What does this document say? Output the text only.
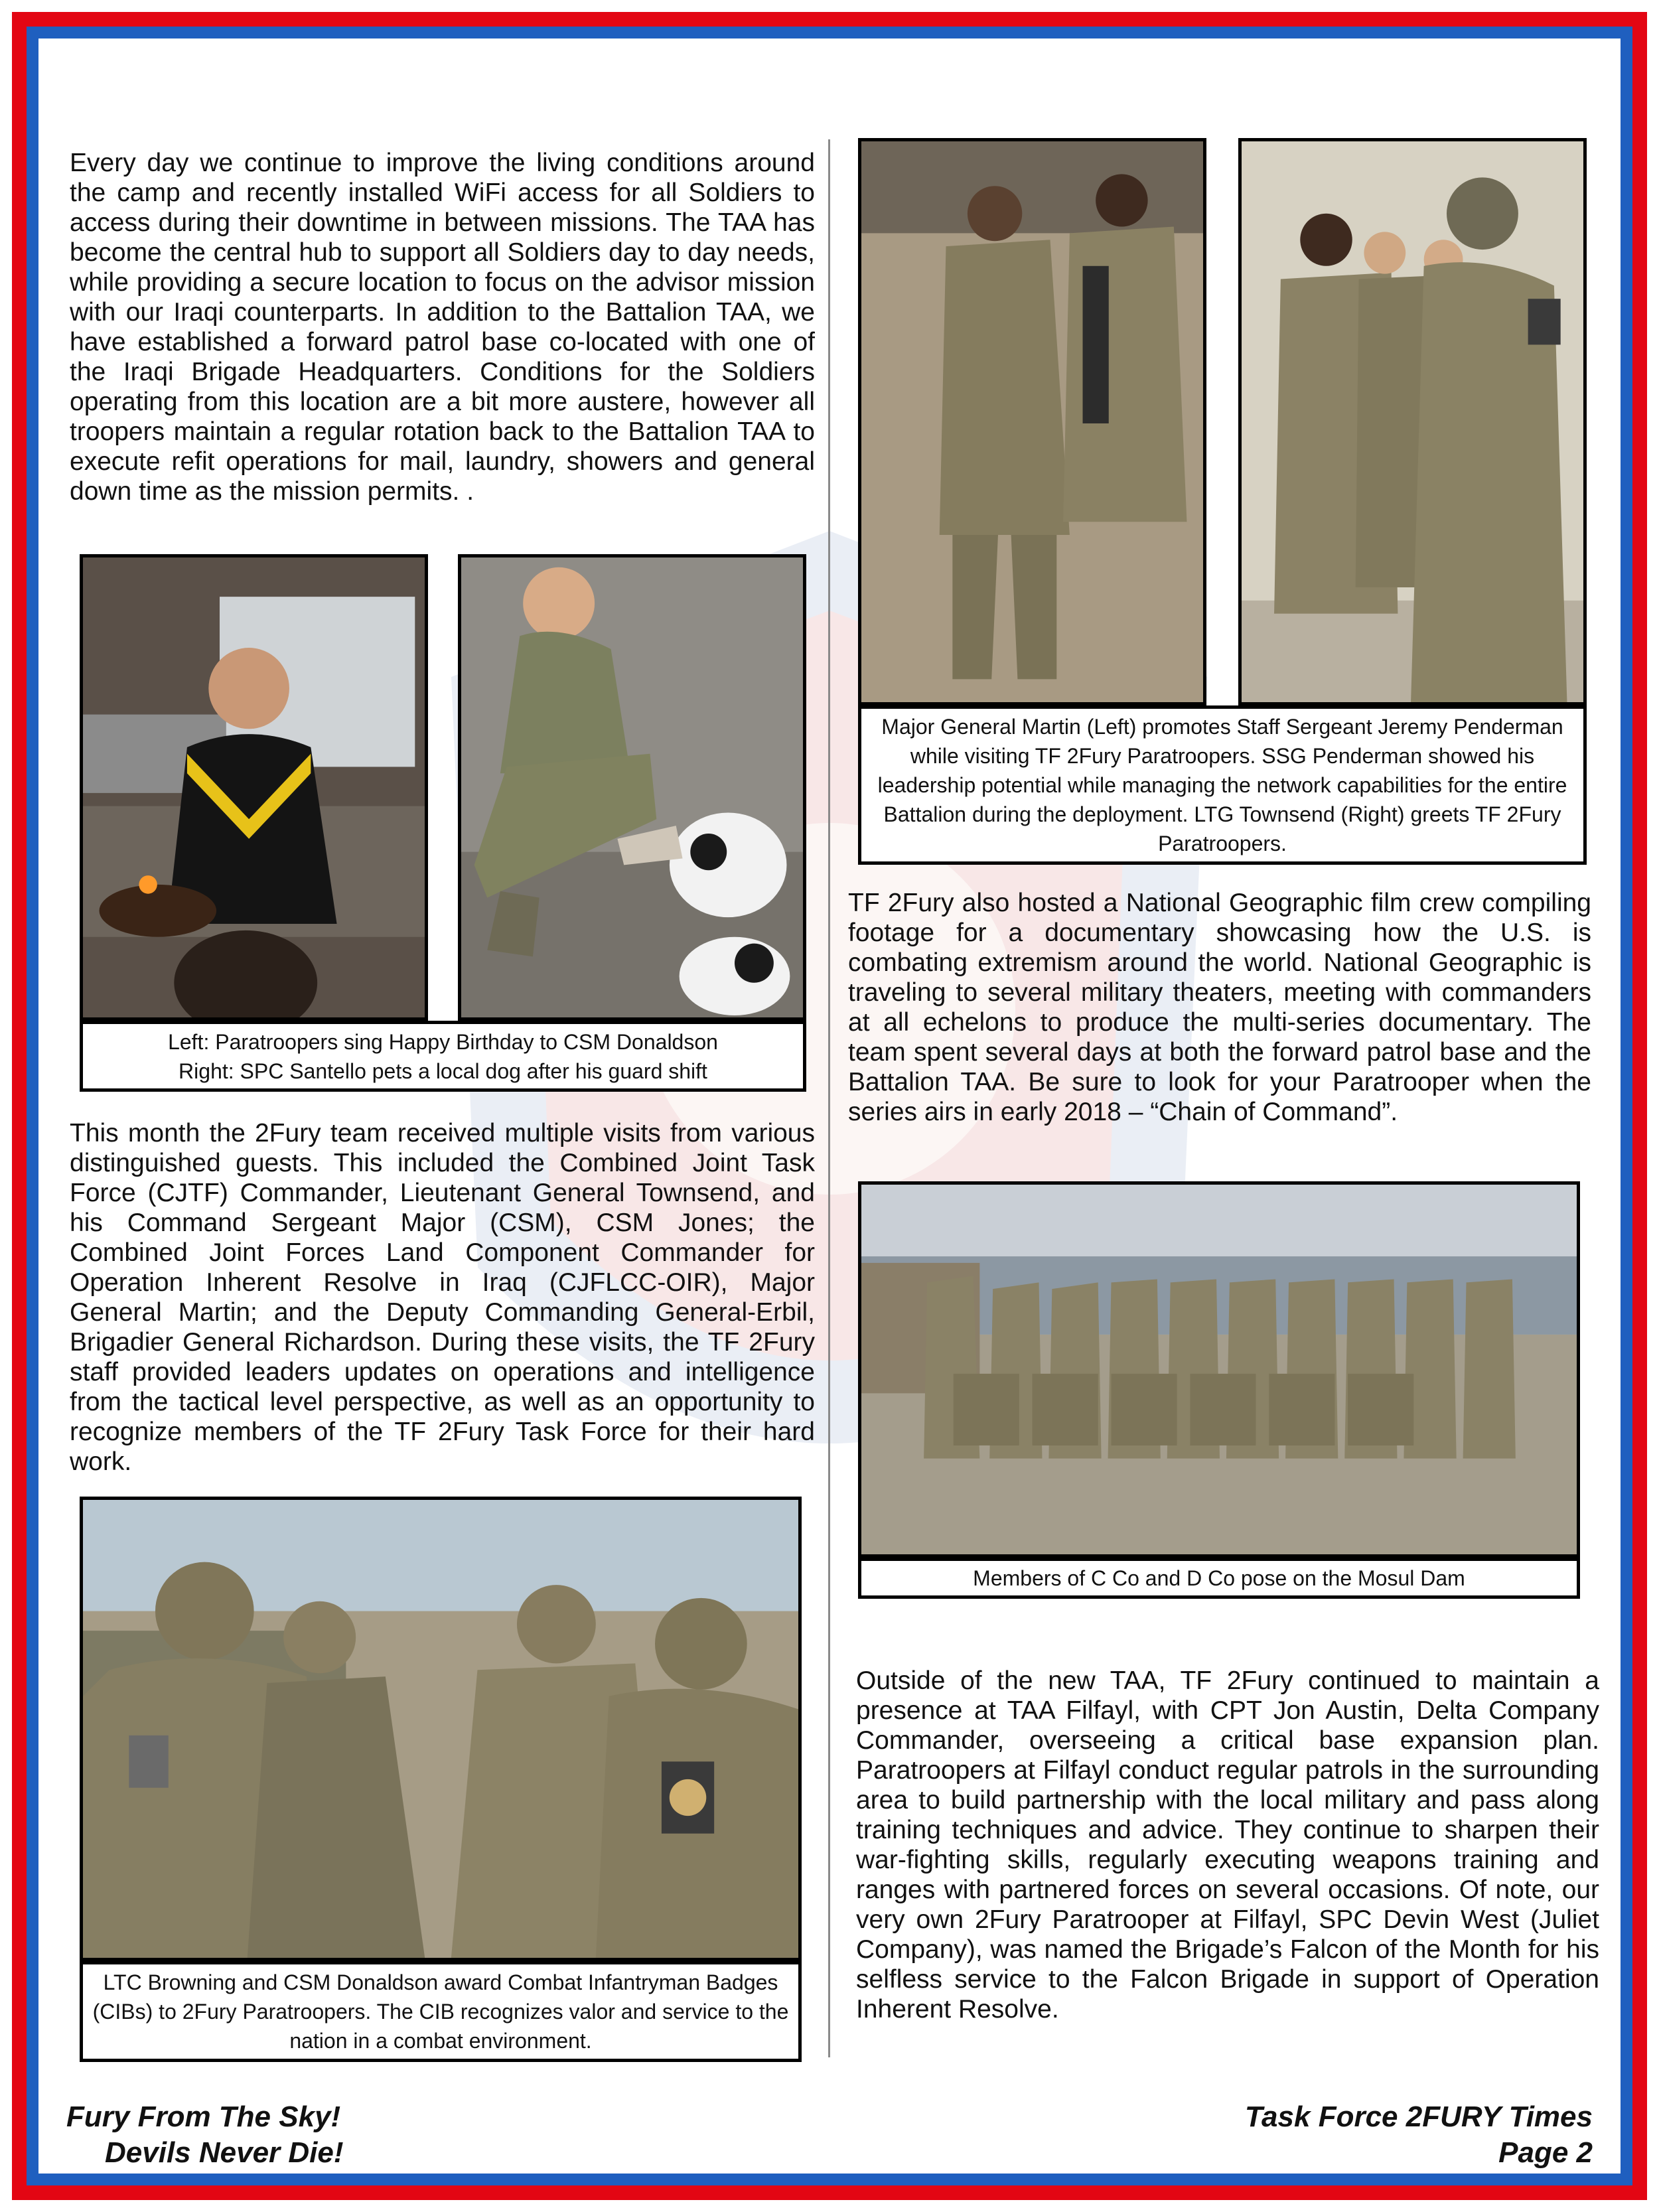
Every day we continue to improve the living conditions around the camp and recently installed WiFi access for all Soldiers to access during their downtime in between missions. The TAA has become the central hub to support all Soldiers day to day needs, while providing a secure location to focus on the advisor mission with our Iraqi counterparts. In addition to the Battalion TAA, we have established a forward patrol base co-located with one of the Iraqi Brigade Headquarters. Conditions for the Soldiers operating from this location are a bit more austere, however all troopers maintain a regular rotation back to the Battalion TAA to execute refit operations for mail, laundry, showers and general down time as the mission permits. .

Left: Paratroopers sing Happy Birthday to CSM Donaldson
Right: SPC Santello pets a local dog after his guard shift

This month the 2Fury team received multiple visits from various distinguished guests. This included the Combined Joint Task Force (CJTF) Commander, Lieutenant General Townsend, and his Command Sergeant Major (CSM), CSM Jones; the Combined Joint Forces Land Component Commander for Operation Inherent Resolve in Iraq (CJFLCC-OIR), Major General Martin; and the Deputy Commanding General-Erbil, Brigadier General Richardson. During these visits, the TF 2Fury staff provided leaders updates on operations and intelligence from the tactical level perspective, as well as an opportunity to recognize members of the TF 2Fury Task Force for their hard work.

LTC Browning and CSM Donaldson award Combat Infantryman Badges (CIBs) to 2Fury Paratroopers. The CIB recognizes valor and service to the nation in a combat environment.
Major General Martin (Left) promotes Staff Sergeant Jeremy Penderman while visiting TF 2Fury Paratroopers. SSG Penderman showed his leadership potential while managing the network capabilities for the entire Battalion during the deployment. LTG Townsend (Right) greets TF 2Fury Paratroopers.

TF 2Fury also hosted a National Geographic film crew compiling footage for a documentary showcasing how the U.S. is combating extremism around the world. National Geographic is traveling to several military theaters, meeting with commanders at all echelons to produce the multi-series documentary. The team spent several days at both the forward patrol base and the Battalion TAA. Be sure to look for your Paratrooper when the series airs in early 2018 – “Chain of Command”.

Members of C Co and D Co pose on the Mosul Dam

Outside of the new TAA, TF 2Fury continued to maintain a presence at TAA Filfayl, with CPT Jon Austin, Delta Company Commander, overseeing a critical base expansion plan. Paratroopers at Filfayl conduct regular patrols in the surrounding area to build partnership with the local military and pass along training techniques and advice. They continue to sharpen their war-fighting skills, regularly executing weapons training and ranges with partnered forces on several occasions. Of note, our very own 2Fury Paratrooper at Filfayl, SPC Devin West (Juliet Company), was named the Brigade’s Falcon of the Month for his selfless service to the Falcon Brigade in support of Operation Inherent Resolve.

Fury From The Sky!
Devils Never Die!
Task Force 2FURY Times
Page 2
